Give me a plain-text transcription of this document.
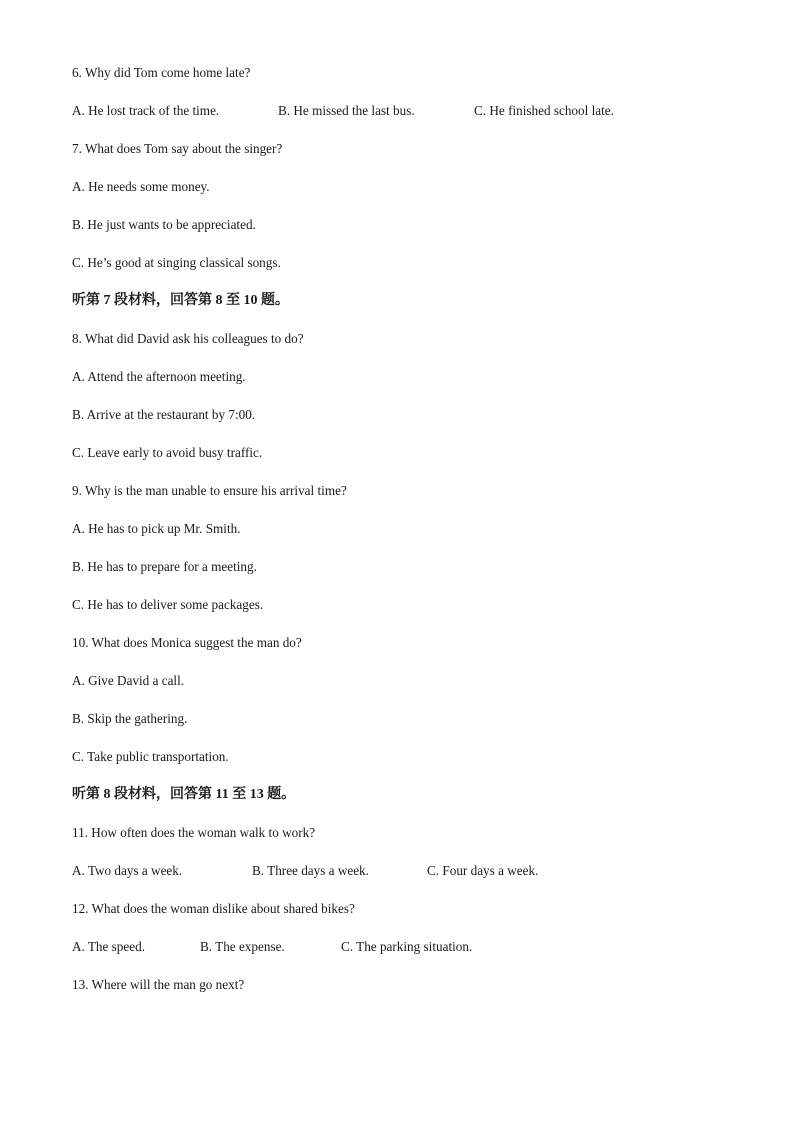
6. Why did Tom come home late?
A. He lost track of the time.	B. He missed the last bus.	C. He finished school late.
7. What does Tom say about the singer?
A. He needs some money.
B. He just wants to be appreciated.
C. He’s good at singing classical songs.
听第 7 段材料，回答第 8 至 10 题。
8. What did David ask his colleagues to do?
A. Attend the afternoon meeting.
B. Arrive at the restaurant by 7:00.
C. Leave early to avoid busy traffic.
9. Why is the man unable to ensure his arrival time?
A. He has to pick up Mr. Smith.
B. He has to prepare for a meeting.
C. He has to deliver some packages.
10. What does Monica suggest the man do?
A. Give David a call.
B. Skip the gathering.
C. Take public transportation.
听第 8 段材料，回答第 11 至 13 题。
11. How often does the woman walk to work?
A. Two days a week.	B. Three days a week.	C. Four days a week.
12. What does the woman dislike about shared bikes?
A. The speed.	B. The expense.	C. The parking situation.
13. Where will the man go next?
